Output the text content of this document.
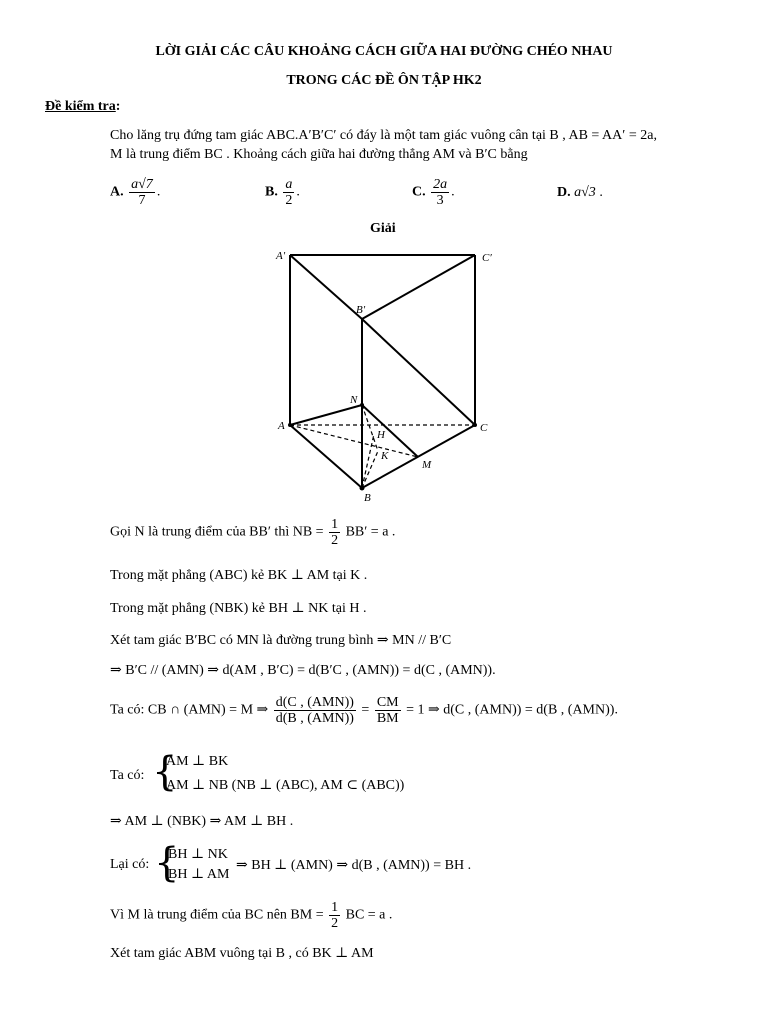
LỜI GIẢI CÁC CÂU KHOẢNG CÁCH GIỮA HAI ĐƯỜNG CHÉO NHAU
TRONG CÁC ĐỀ ÔN TẬP HK2
Đề kiểm tra:
Cho lăng trụ đứng tam giác ABC.A′B′C′ có đáy là một tam giác vuông cân tại B , AB = AA′ = 2a,
M là trung điểm BC . Khoảng cách giữa hai đường thẳng AM và B′C bằng
A. $\frac{a√7}{7}$ .	B. $\frac{a}{2}$ .	C. $\frac{2a}{3}$ .	D. a√3 .
Giải
A′	C′
B′
N
A
H
C
K
M
B
Gọi N là trung điểm của BB′ thì NB = $\frac{1}{2} BB' = a$ .
Trong mặt phẳng (ABC) kẻ BK ⊥ AM tại K .
Trong mặt phẳng (NBK) kẻ BH ⊥ NK tại H .
Xét tam giác B′BC có MN là đường trung bình ⇒ MN // B′C
⇒ B′C // (AMN) ⇒ d(AM , B′C) = d(B′C , (AMN)) = d(C , (AMN)).
Ta có: CB ∩ (AMN) = M ⇒ $\frac{\text{d(C , (AMN))}}{\text{d(B , (AMN))}} = \frac{CM}{BM} = 1$ ⇒ d(C , (AMN)) = d(B , (AMN)).
Ta có: {
AM ⊥ BK
AM ⊥ NB (NB ⊥ (ABC), AM ⊂ (ABC))
⇒ AM ⊥ (NBK) ⇒ AM ⊥ BH .
Lại có: {
BH ⊥ NK
BH ⊥ AM
⇒ BH ⊥ (AMN) ⇒ d(B , (AMN)) = BH .
Vì M là trung điểm của BC nên BM = $\frac{1}{2}$ BC = a .
Xét tam giác ABM vuông tại B , có BK ⊥ AM
